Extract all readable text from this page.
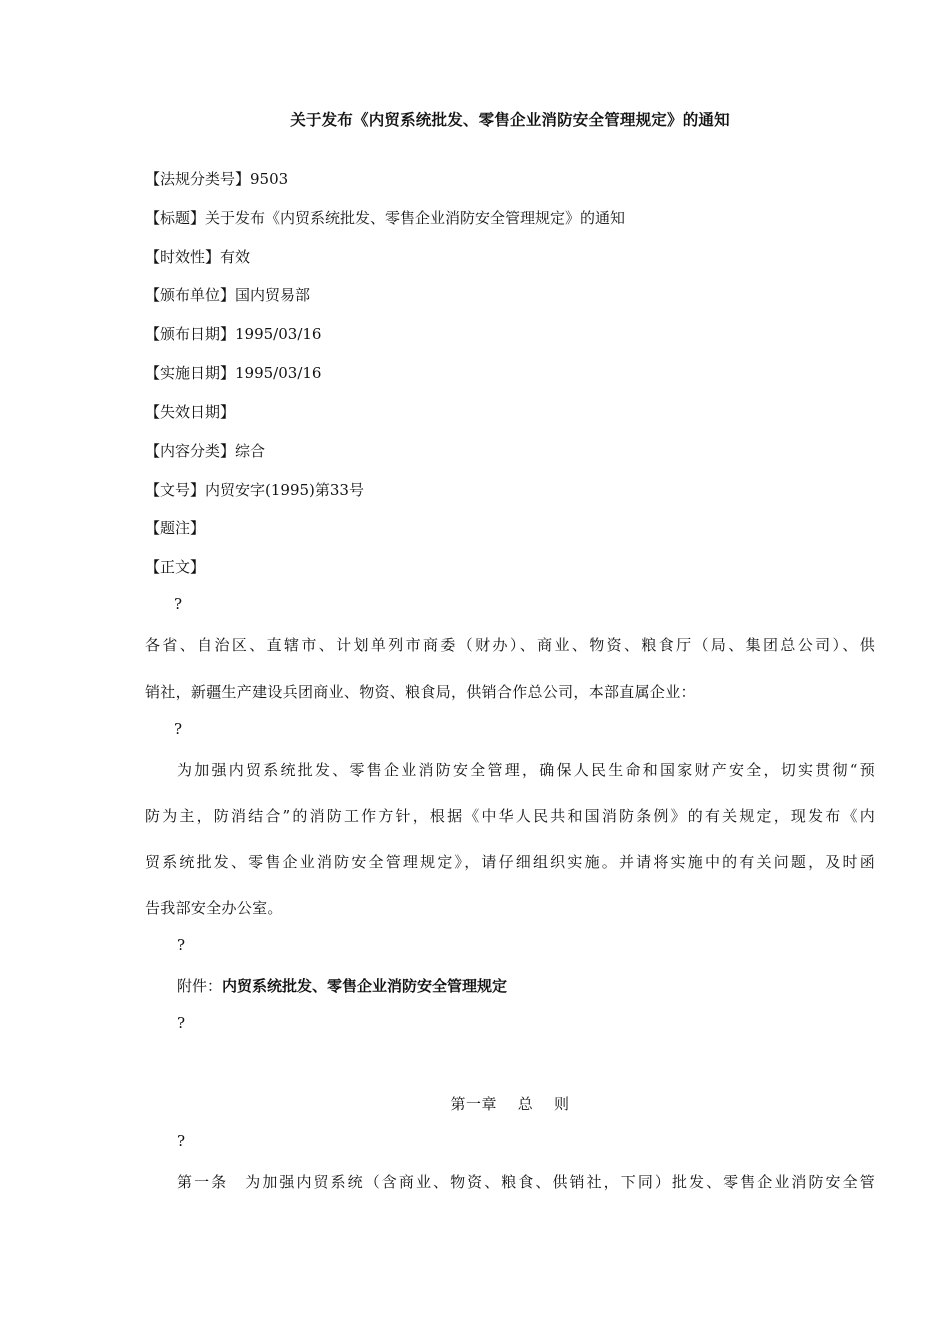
关于发布《内贸系统批发、零售企业消防安全管理规定》的通知
【法规分类号】9503
【标题】关于发布《内贸系统批发、零售企业消防安全管理规定》的通知
【时效性】有效
【颁布单位】国内贸易部
【颁布日期】1995/03/16
【实施日期】1995/03/16
【失效日期】
【内容分类】综合
【文号】内贸安字(1995)第33号
【题注】
【正文】
?
各省、自治区、直辖市、计划单列市商委（财办）、商业、物资、粮食厅（局、集团总公司）、供
销社，新疆生产建设兵团商业、物资、粮食局，供销合作总公司，本部直属企业：
?
为加强内贸系统批发、零售企业消防安全管理，确保人民生命和国家财产安全，切实贯彻“预
防为主，防消结合”的消防工作方针，根据《中华人民共和国消防条例》的有关规定，现发布《内
贸系统批发、零售企业消防安全管理规定》，请仔细组织实施。并请将实施中的有关问题，及时函
告我部安全办公室。
?
附件：内贸系统批发、零售企业消防安全管理规定
?
第一章　 总　 则
?
第一条　为加强内贸系统（含商业、物资、粮食、供销社，下同）批发、零售企业消防安全管
